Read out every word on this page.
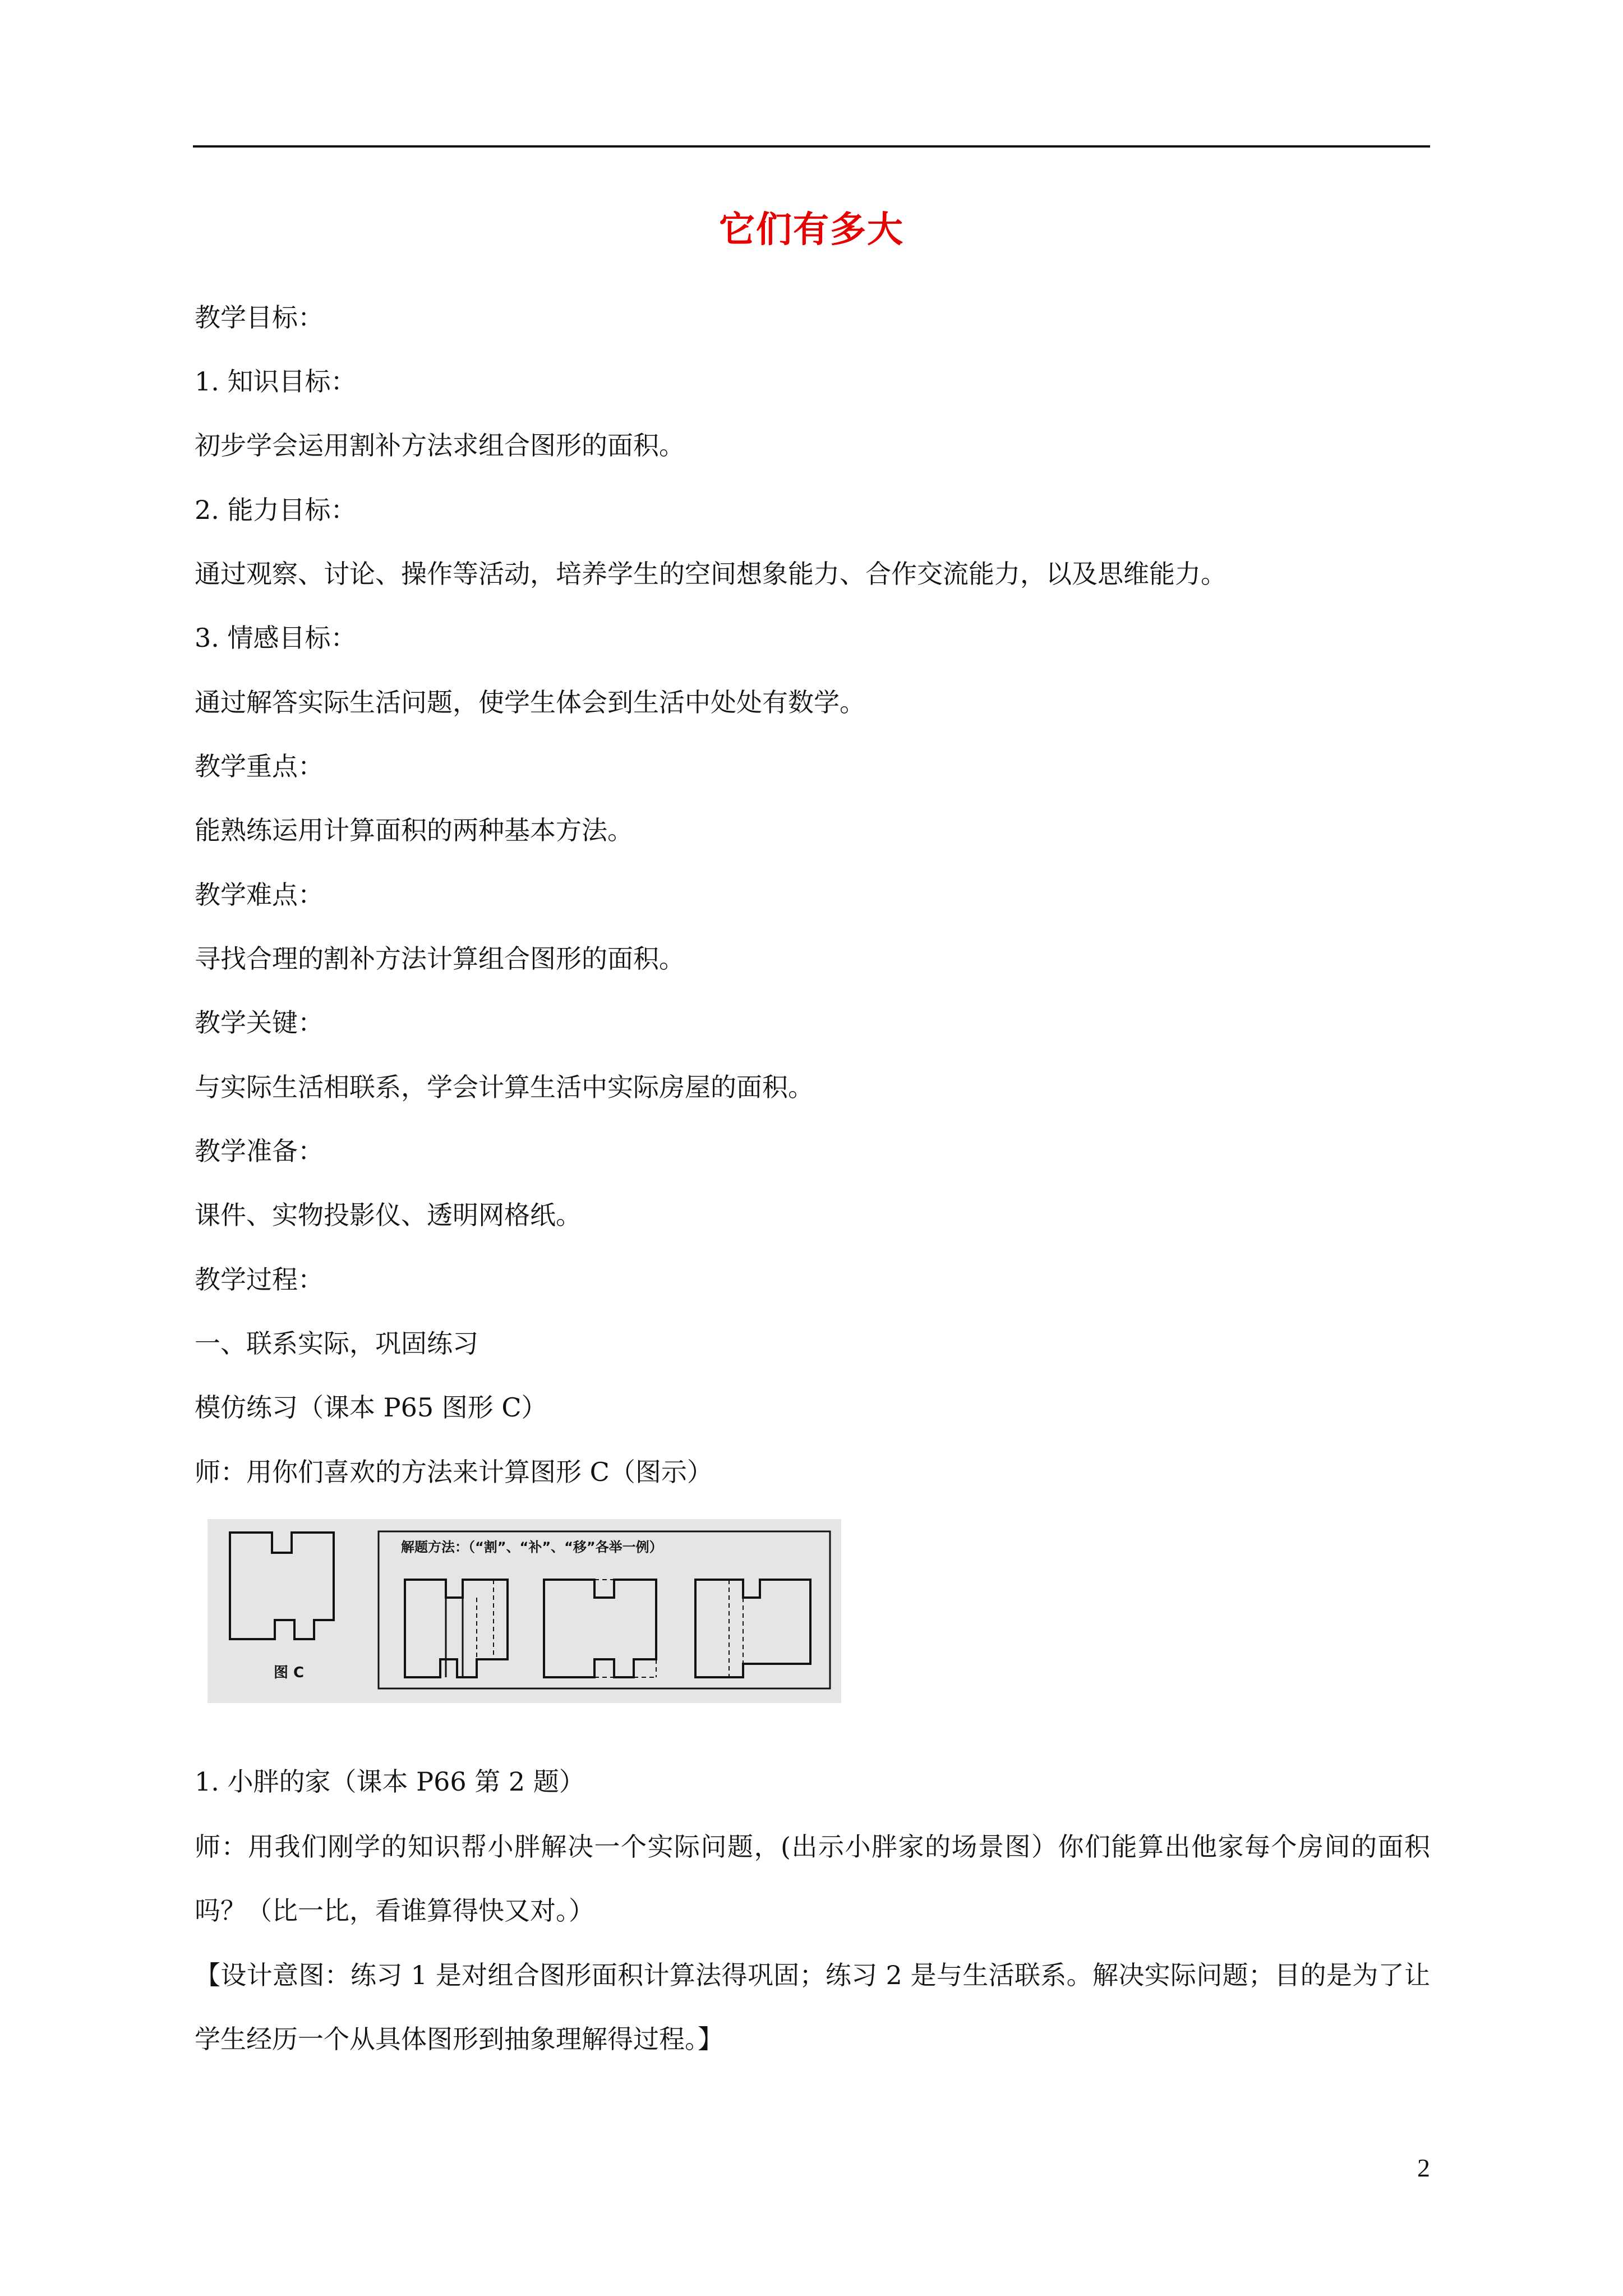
它们有多大
教学目标：
1. 知识目标：
初步学会运用割补方法求组合图形的面积。
2. 能力目标：
通过观察、讨论、操作等活动，培养学生的空间想象能力、合作交流能力，以及思维能力。
3. 情感目标：
通过解答实际生活问题，使学生体会到生活中处处有数学。
教学重点：
能熟练运用计算面积的两种基本方法。
教学难点：
寻找合理的割补方法计算组合图形的面积。
教学关键：
与实际生活相联系，学会计算生活中实际房屋的面积。
教学准备：
课件、实物投影仪、透明网格纸。
教学过程：
一、联系实际，巩固练习
模仿练习（课本 P65 图形 C）
师：用你们喜欢的方法来计算图形 C（图示）
图 C
解题方法：（“割”、“补”、“移”各举一例）
1. 小胖的家（课本 P66 第 2 题）
师：用我们刚学的知识帮小胖解决一个实际问题，(出示小胖家的场景图）你们能算出他家每个房间的面积吗？（比一比，看谁算得快又对。）
【设计意图：练习 1 是对组合图形面积计算法得巩固；练习 2 是与生活联系。解决实际问题；目的是为了让学生经历一个从具体图形到抽象理解得过程。】
2
